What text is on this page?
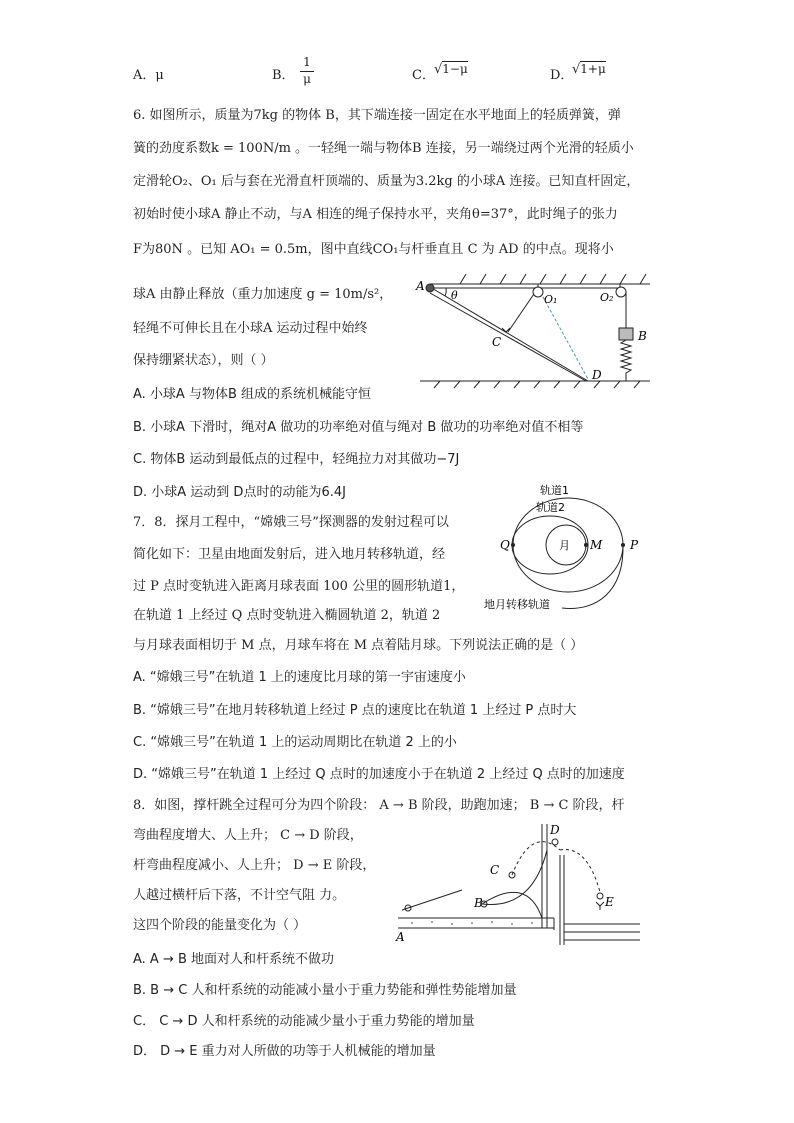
A．μ	B． $\frac{1}{\mu}$	C． √1−μ	D．
√1+μ
6. 如图所示，质量为7kg 的物体 B，其下端连接一固定在水平地面上的轻质弹簧，弹
簧的劲度系数k = 100N/m 。一轻绳一端与物体B 连接，另一端绕过两个光滑的轻质小
定滑轮O₂、O₁ 后与套在光滑直杆顶端的、质量为3.2kg 的小球A 连接。已知直杆固定，
初始时使小球A 静止不动，与A 相连的绳子保持水平，夹角θ=37°，此时绳子的张力
F为80N 。已知 AO₁ = 0.5m，图中直线CO₁与杆垂直且 C 为 AD 的中点。现将小
球A 由静止释放（重力加速度 g = 10m/s²，
轻绳不可伸长且在小球A 运动过程中始终
保持绷紧状态），则（ ）
A. 小球A 与物体B 组成的系统机械能守恒
B. 小球A 下滑时，绳对A 做功的功率绝对值与绳对 B 做功的功率绝对值不相等
C. 物体B 运动到最低点的过程中，轻绳拉力对其做功−7J
D. 小球A 运动到 D点时的动能为6.4J
A
θ	O₁	O₂
B
C
D
7．8．探月工程中，“嫦娥三号”探测器的发射过程可以
简化如下：卫星由地面发射后，进入地月转移轨道，经
过 P 点时变轨进入距离月球表面 100 公里的圆形轨道1，
在轨道 1 上经过 Q 点时变轨进入椭圆轨道 2，轨道 2
与月球表面相切于 M 点，月球车将在 M 点着陆月球。下列说法正确的是（ ）
A. “嫦娥三号”在轨道 1 上的速度比月球的第一宇宙速度小
B. “嫦娥三号”在地月转移轨道上经过 P 点的速度比在轨道 1 上经过 P 点时大
C. “嫦娥三号”在轨道 1 上的运动周期比在轨道 2 上的小
D. “嫦娥三号”在轨道 1 上经过 Q 点时的加速度小于在轨道 2 上经过 Q 点时的加速度
轨道1
轨道2
月
Q	M P
地月转移轨道
8．如图，撑杆跳全过程可分为四个阶段： A → B 阶段，助跑加速； B → C 阶段，杆
弯曲程度增大、人上升； C → D 阶段，
杆弯曲程度减小、人上升； D → E 阶段，
人越过横杆后下落，不计空气阻 力。
这四个阶段的能量变化为（ ）
A. A → B 地面对人和杆系统不做功
B. B → C 人和杆系统的动能减小量小于重力势能和弹性势能增加量
C． C → D 人和杆系统的动能减少量小于重力势能的增加量
D． D → E 重力对人所做的功等于人机械能的增加量
A
B
C
D
E
